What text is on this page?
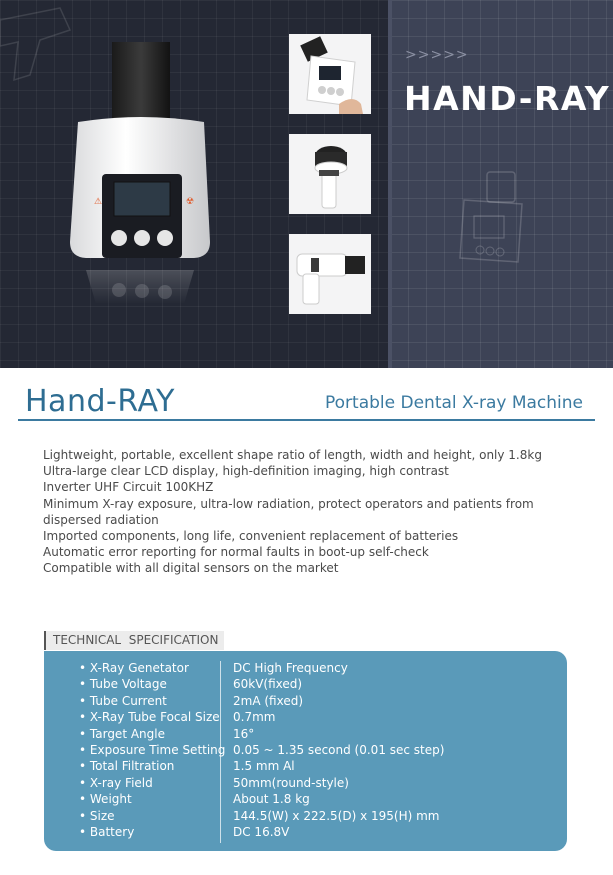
⚠	☢
>>>>>
HAND-RAY
Hand-RAY	Portable Dental X-ray Machine
Lightweight, portable, excellent shape ratio of length, width and height, only 1.8kg
Ultra-large clear LCD display, high-definition imaging, high contrast
Inverter UHF Circuit 100KHZ
Minimum X-ray exposure, ultra-low radiation, protect operators and patients from dispersed radiation
Imported components, long life, convenient replacement of batteries
Automatic error reporting for normal faults in boot-up self-check
Compatible with all digital sensors on the market
TECHNICAL  SPECIFICATION
• X-Ray Genetator	DC High Frequency
• Tube Voltage	60kV(fixed)
• Tube Current	2mA (fixed)
• X-Ray Tube Focal Size 0.7mm
• Target Angle	16°
• Exposure Time Setting 0.05 ~ 1.35 second (0.01 sec step)
• Total Filtration	1.5 mm Al
• X-ray Field	50mm(round-style)
• Weight	About 1.8 kg
• Size	144.5(W) x 222.5(D) x 195(H) mm
• Battery	DC 16.8V
